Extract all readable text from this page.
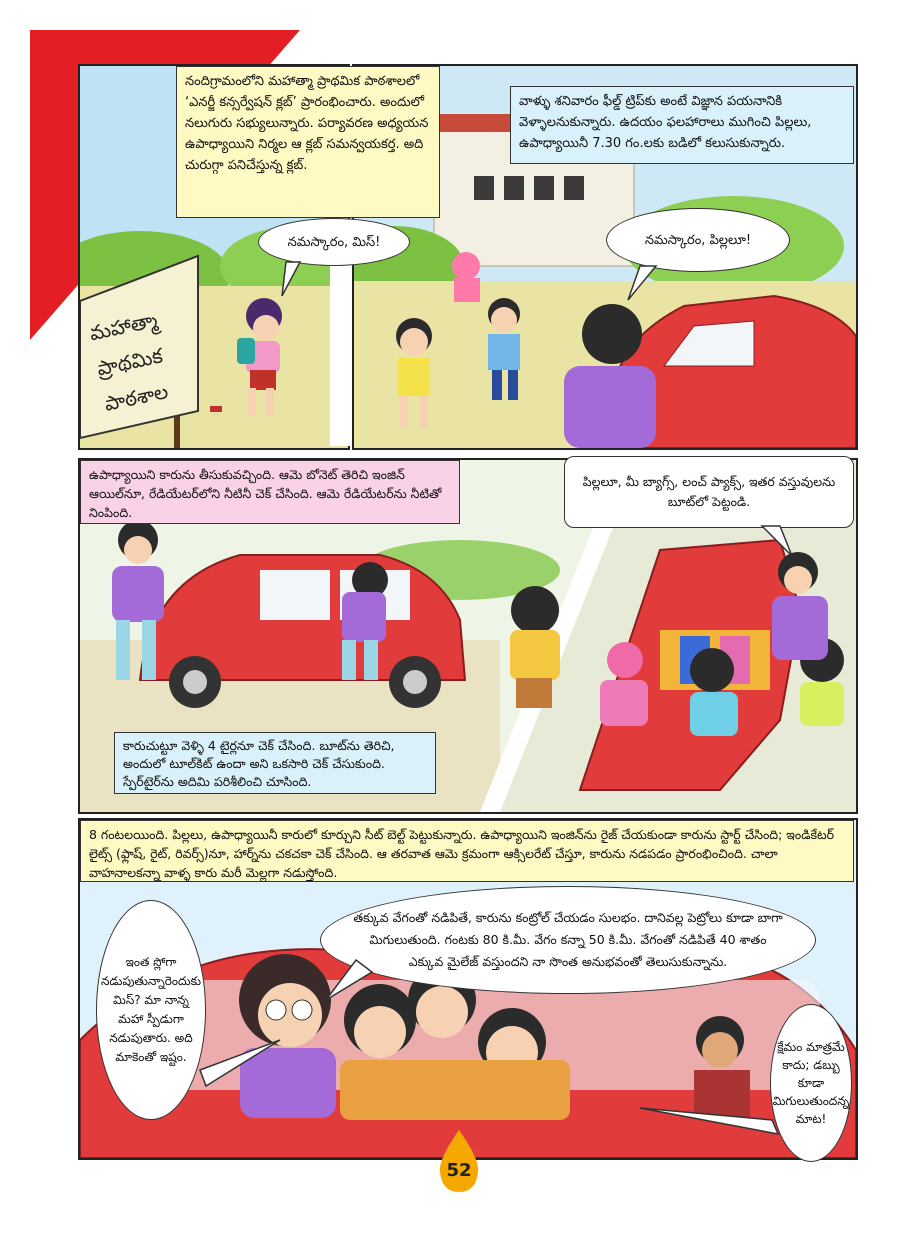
మహాత్మా
ప్రాథమిక
పాఠశాల
నందిగ్రామంలోని మహాత్మా ప్రాథమిక పాఠశాలలో ‘ఎనర్జీ కన్సర్వేషన్ క్లబ్’ ప్రారంభించారు. అందులో నలుగురు సభ్యులున్నారు. పర్యావరణ అధ్యయన ఉపాధ్యాయిని నిర్మల ఆ క్లబ్ సమన్వయకర్త. అది చురుగ్గా పనిచేస్తున్న క్లబ్.
నమస్కారం, మిస్!
వాళ్ళు శనివారం ఫీల్డ్ ట్రిప్‌కు అంటే విజ్ఞాన పయనానికి వెళ్ళాలనుకున్నారు. ఉదయం ఫలహారాలు ముగించి పిల్లలు, ఉపాధ్యాయినీ 7.30 గం.లకు బడిలో కలుసుకున్నారు.
నమస్కారం, పిల్లలూ!
ఉపాధ్యాయిని కారును తీసుకువచ్చింది. ఆమె బోనెట్ తెరిచి ఇంజిన్ ఆయిల్‌నూ, రేడియేటర్‌లోని నీటినీ చెక్ చేసింది. ఆమె రేడియేటర్‌ను నీటితో నింపింది.
పిల్లలూ, మీ బ్యాగ్స్, లంచ్ ప్యాక్స్, ఇతర వస్తువులను బూట్‌లో పెట్టండి.
కారుచుట్టూ వెళ్ళి 4 టైర్లనూ చెక్ చేసింది. బూట్‌ను తెరిచి, అందులో టూల్‌కిట్ ఉందా అని ఒకసారి చెక్ చేసుకుంది. స్పేర్‌టైర్‌ను అదిమి పరిశీలించి చూసింది.
8 గంటలయింది. పిల్లలు, ఉపాధ్యాయినీ కారులో కూర్చుని సీట్ బెల్ట్ పెట్టుకున్నారు. ఉపాధ్యాయిని ఇంజిన్‌ను రైజ్ చేయకుండా కారును స్టార్ట్ చేసింది; ఇండికేటర్ లైట్స్ (ఫ్లాష్, రైట్, రివర్స్)నూ, హార్న్‌ను చకచకా చెక్ చేసింది. ఆ తరవాత ఆమె క్రమంగా ఆక్సిలరేట్ చేస్తూ, కారును నడపడం ప్రారంభించింది. చాలా వాహనాలకన్నా వాళ్ళ కారు మరీ మెల్లగా నడుస్తోంది.
ఇంత స్లోగా నడుపుతున్నారెందుకు మిస్? మా నాన్న మహా స్పీడుగా నడుపుతారు. అది మాకెంతో ఇష్టం.
తక్కువ వేగంతో నడిపితే, కారును కంట్రోల్ చేయడం సులభం. దానివల్ల పెట్రోలు కూడా బాగా మిగులుతుంది. గంటకు 80 కి.మీ. వేగం కన్నా 50 కి.మీ. వేగంతో నడిపితే 40 శాతం ఎక్కువ మైలేజ్ వస్తుందని నా సొంత అనుభవంతో తెలుసుకున్నాను.
క్షేమం మాత్రమే కాదు; డబ్బు కూడా మిగులుతుందన్న మాట!
52
